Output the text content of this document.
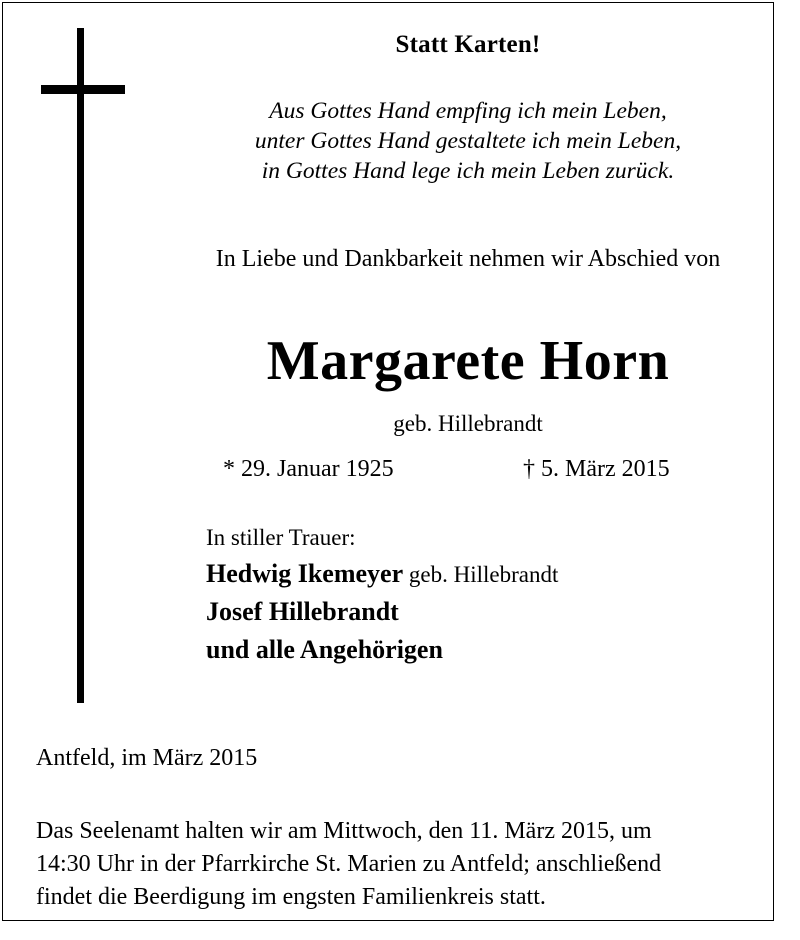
Statt Karten!
Aus Gottes Hand empfing ich mein Leben,
unter Gottes Hand gestaltete ich mein Leben,
in Gottes Hand lege ich mein Leben zurück.
In Liebe und Dankbarkeit nehmen wir Abschied von
Margarete Horn
geb. Hillebrandt
* 29. Januar 1925	† 5. März 2015
In stiller Trauer:
Hedwig Ikemeyer geb. Hillebrandt
Josef Hillebrandt
und alle Angehörigen
Antfeld, im März 2015
Das Seelenamt halten wir am Mittwoch, den 11. März 2015, um
14:30 Uhr in der Pfarrkirche St. Marien zu Antfeld; anschließend
findet die Beerdigung im engsten Familienkreis statt.
